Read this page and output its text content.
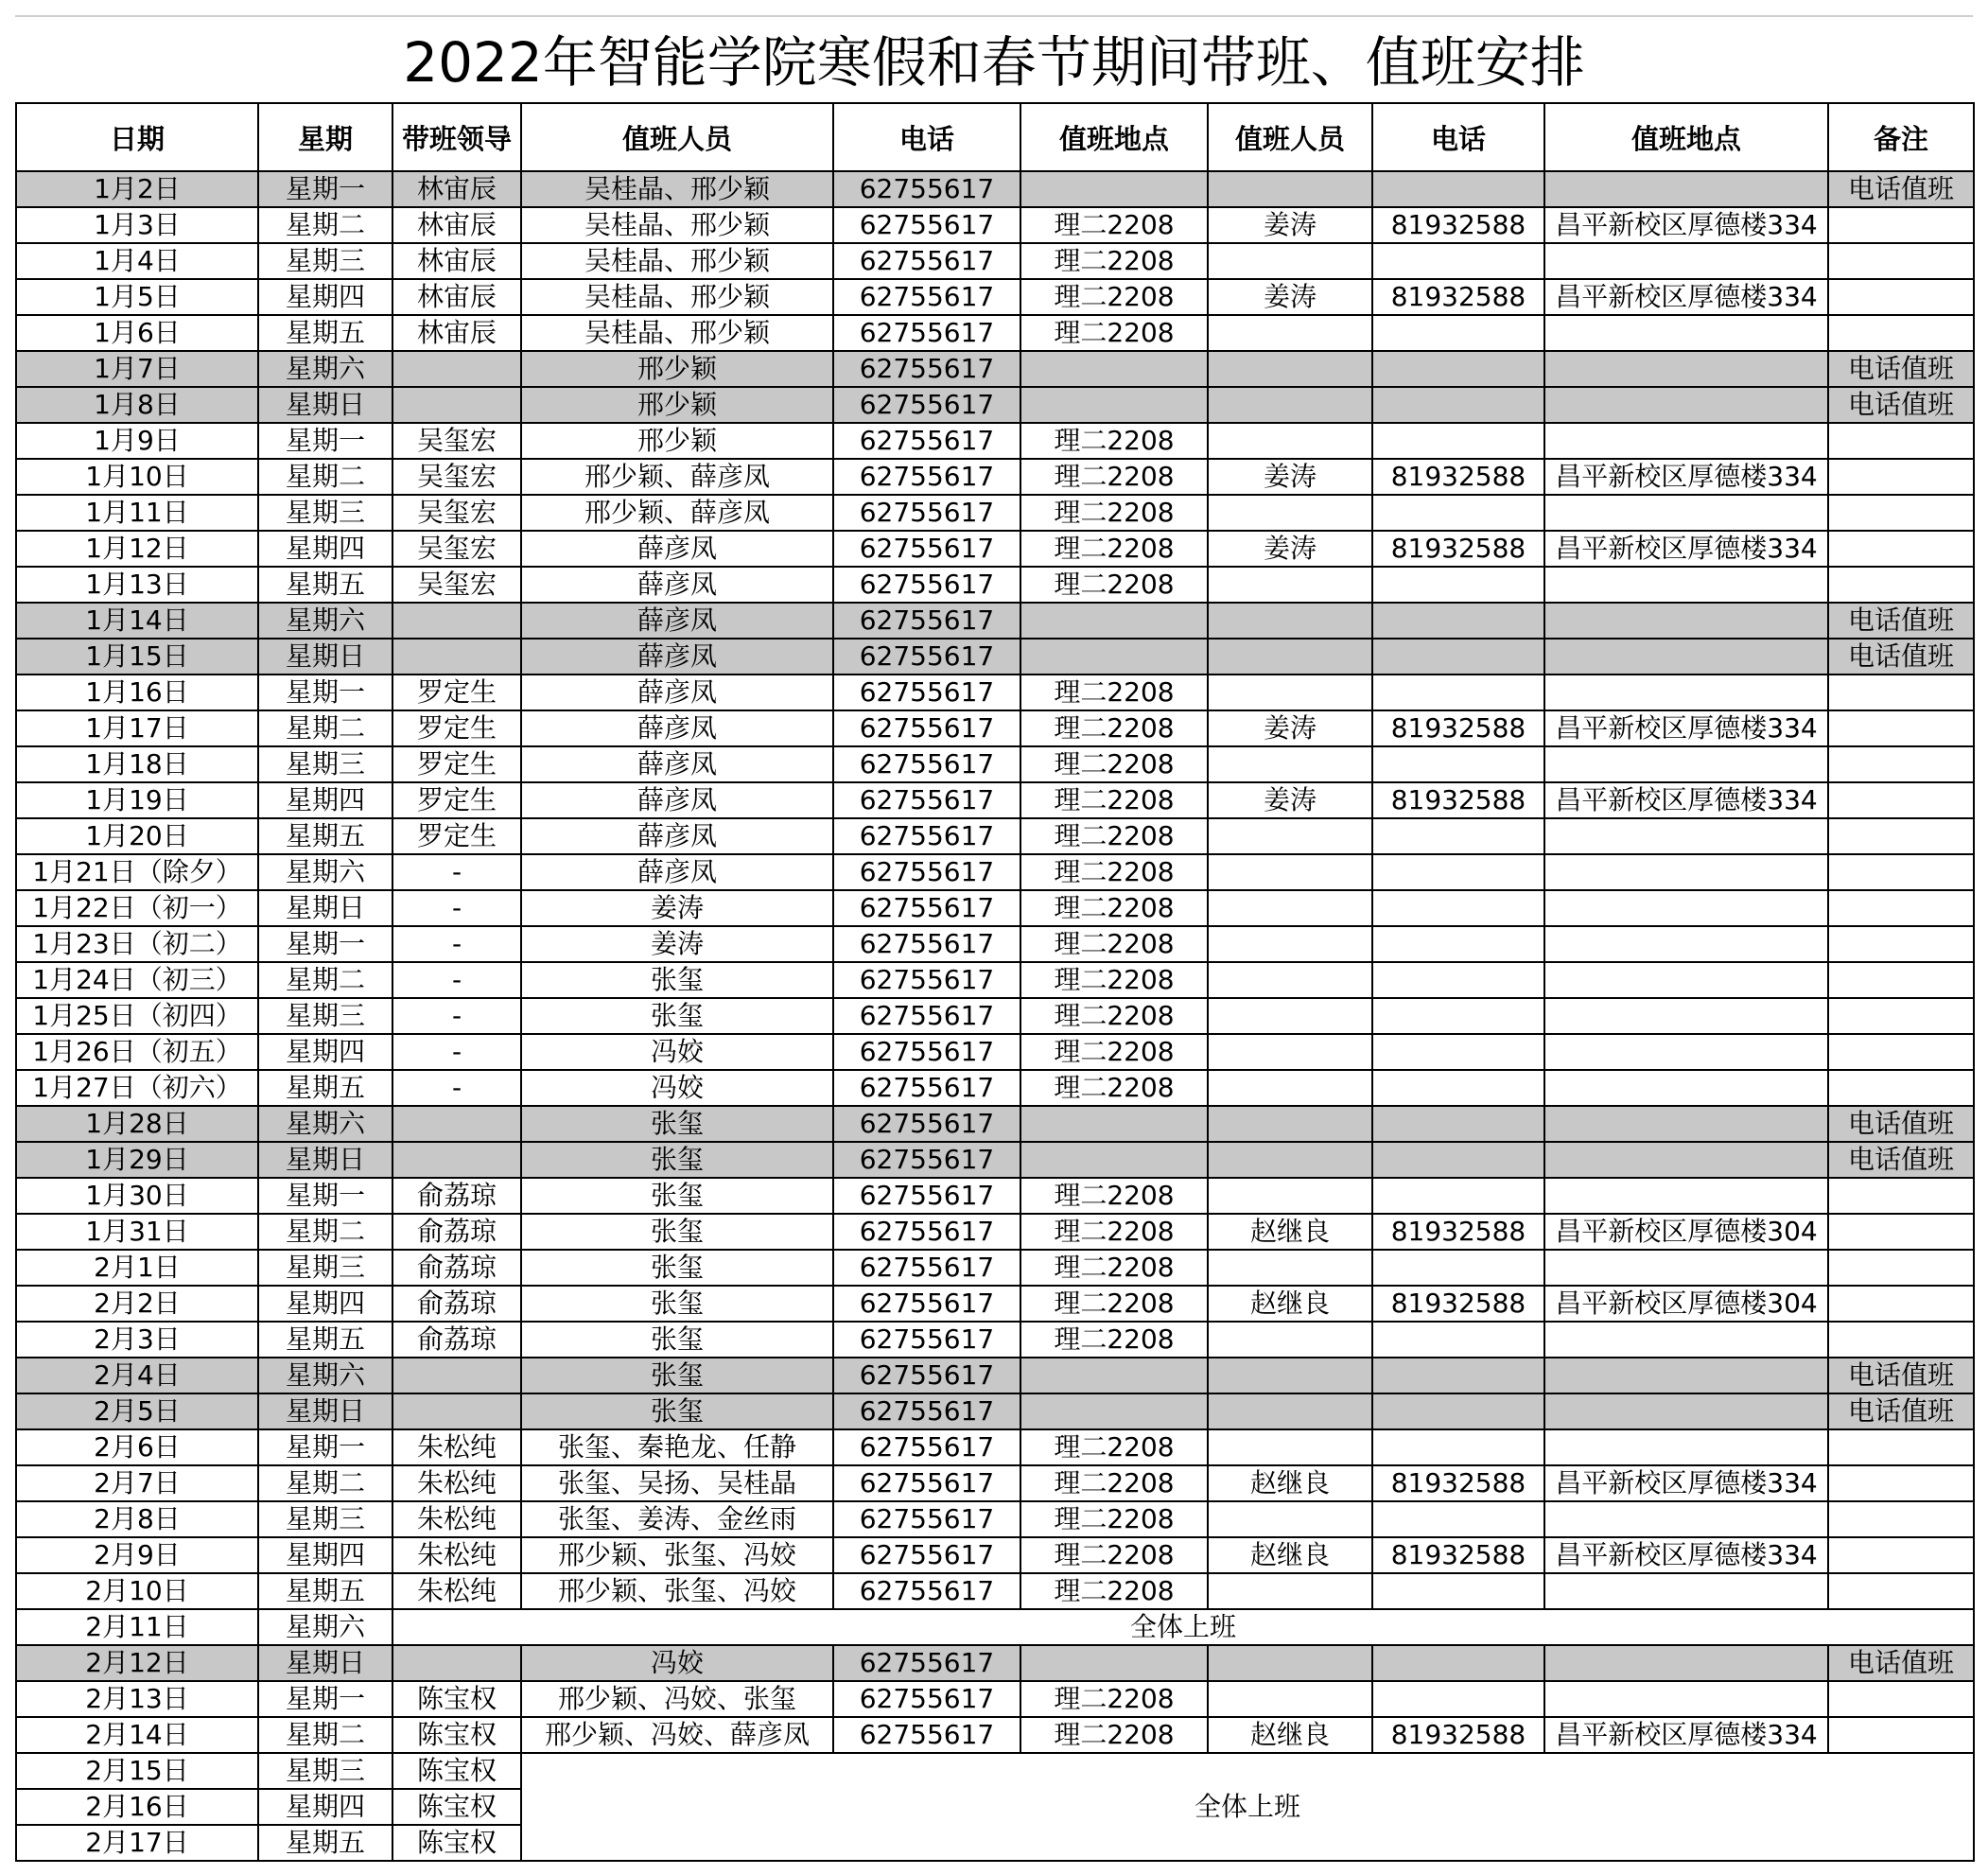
2022年智能学院寒假和春节期间带班、值班安排
日期	星期	带班领导	值班人员	电话	值班地点	值班人员	电话	值班地点	备注
1月2日	星期一	林宙辰	吴桂晶、邢少颖	62755617					电话值班
1月3日	星期二	林宙辰	吴桂晶、邢少颖	62755617	理二2208	姜涛	81932588	昌平新校区厚德楼334	
1月4日	星期三	林宙辰	吴桂晶、邢少颖	62755617	理二2208				
1月5日	星期四	林宙辰	吴桂晶、邢少颖	62755617	理二2208	姜涛	81932588	昌平新校区厚德楼334	
1月6日	星期五	林宙辰	吴桂晶、邢少颖	62755617	理二2208				
1月7日	星期六		邢少颖	62755617					电话值班
1月8日	星期日		邢少颖	62755617					电话值班
1月9日	星期一	吴玺宏	邢少颖	62755617	理二2208				
1月10日	星期二	吴玺宏	邢少颖、薛彦凤	62755617	理二2208	姜涛	81932588	昌平新校区厚德楼334	
1月11日	星期三	吴玺宏	邢少颖、薛彦凤	62755617	理二2208				
1月12日	星期四	吴玺宏	薛彦凤	62755617	理二2208	姜涛	81932588	昌平新校区厚德楼334	
1月13日	星期五	吴玺宏	薛彦凤	62755617	理二2208				
1月14日	星期六		薛彦凤	62755617					电话值班
1月15日	星期日		薛彦凤	62755617					电话值班
1月16日	星期一	罗定生	薛彦凤	62755617	理二2208				
1月17日	星期二	罗定生	薛彦凤	62755617	理二2208	姜涛	81932588	昌平新校区厚德楼334	
1月18日	星期三	罗定生	薛彦凤	62755617	理二2208				
1月19日	星期四	罗定生	薛彦凤	62755617	理二2208	姜涛	81932588	昌平新校区厚德楼334	
1月20日	星期五	罗定生	薛彦凤	62755617	理二2208				
1月21日（除夕）	星期六	-	薛彦凤	62755617	理二2208				
1月22日（初一）	星期日	-	姜涛	62755617	理二2208				
1月23日（初二）	星期一	-	姜涛	62755617	理二2208				
1月24日（初三）	星期二	-	张玺	62755617	理二2208				
1月25日（初四）	星期三	-	张玺	62755617	理二2208				
1月26日（初五）	星期四	-	冯姣	62755617	理二2208				
1月27日（初六）	星期五	-	冯姣	62755617	理二2208				
1月28日	星期六		张玺	62755617					电话值班
1月29日	星期日		张玺	62755617					电话值班
1月30日	星期一	俞荔琼	张玺	62755617	理二2208				
1月31日	星期二	俞荔琼	张玺	62755617	理二2208	赵继良	81932588	昌平新校区厚德楼304	
2月1日	星期三	俞荔琼	张玺	62755617	理二2208				
2月2日	星期四	俞荔琼	张玺	62755617	理二2208	赵继良	81932588	昌平新校区厚德楼304	
2月3日	星期五	俞荔琼	张玺	62755617	理二2208				
2月4日	星期六		张玺	62755617					电话值班
2月5日	星期日		张玺	62755617					电话值班
2月6日	星期一	朱松纯	张玺、秦艳龙、任静	62755617	理二2208				
2月7日	星期二	朱松纯	张玺、吴扬、吴桂晶	62755617	理二2208	赵继良	81932588	昌平新校区厚德楼334	
2月8日	星期三	朱松纯	张玺、姜涛、金丝雨	62755617	理二2208				
2月9日	星期四	朱松纯	邢少颖、张玺、冯姣	62755617	理二2208	赵继良	81932588	昌平新校区厚德楼334	
2月10日	星期五	朱松纯	邢少颖、张玺、冯姣	62755617	理二2208				
2月11日	星期六	全体上班							
2月12日	星期日		冯姣	62755617					电话值班
2月13日	星期一	陈宝权	邢少颖、冯姣、张玺	62755617	理二2208				
2月14日	星期二	陈宝权	邢少颖、冯姣、薛彦凤	62755617	理二2208	赵继良	81932588	昌平新校区厚德楼334	
2月15日	星期三	陈宝权	全体上班						
2月16日	星期四	陈宝权							
2月17日	星期五	陈宝权							
